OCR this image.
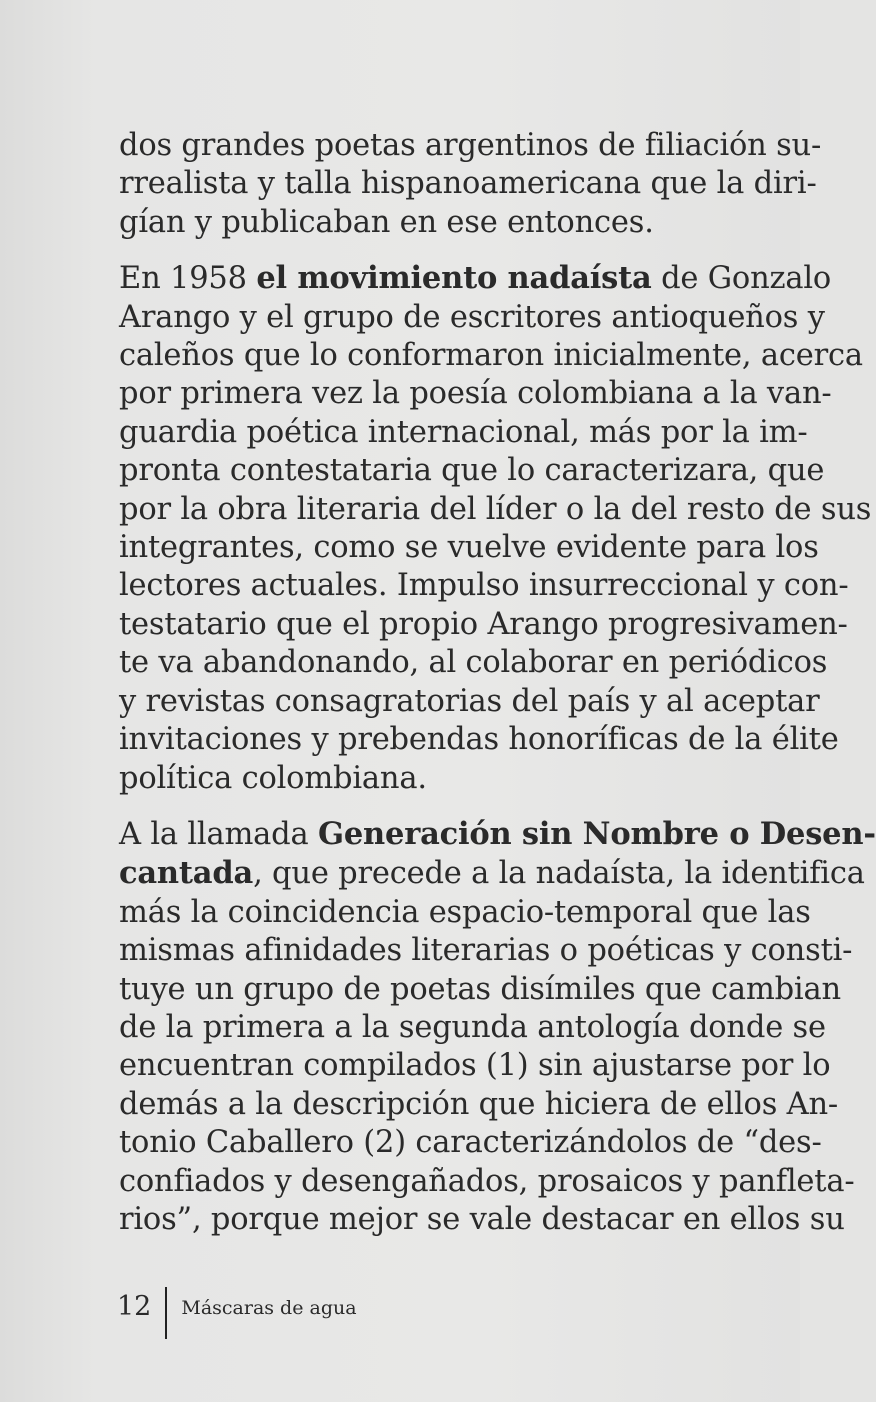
dos grandes poetas argentinos de filiación su-
rrealista y talla hispanoamericana que la diri-
gían y publicaban en ese entonces.

En 1958 el movimiento nadaísta de Gonzalo
Arango y el grupo de escritores antioqueños y
caleños que lo conformaron inicialmente, acerca
por primera vez la poesía colombiana a la van-
guardia poética internacional, más por la im-
pronta contestataria que lo caracterizara, que
por la obra literaria del líder o la del resto de sus
integrantes, como se vuelve evidente para los
lectores actuales. Impulso insurreccional y con-
testatario que el propio Arango progresivamen-
te va abandonando, al colaborar en periódicos
y revistas consagratorias del país y al aceptar
invitaciones y prebendas honoríficas de la élite
política colombiana.

A la llamada Generación sin Nombre o Desen-
cantada, que precede a la nadaísta, la identifica
más la coincidencia espacio-temporal que las
mismas afinidades literarias o poéticas y consti-
tuye un grupo de poetas disímiles que cambian
de la primera a la segunda antología donde se
encuentran compilados (1) sin ajustarse por lo
demás a la descripción que hiciera de ellos An-
tonio Caballero (2) caracterizándolos de “des-
confiados y desengañados, prosaicos y panfleta-
rios”, porque mejor se vale destacar en ellos su

12 Máscaras de agua
